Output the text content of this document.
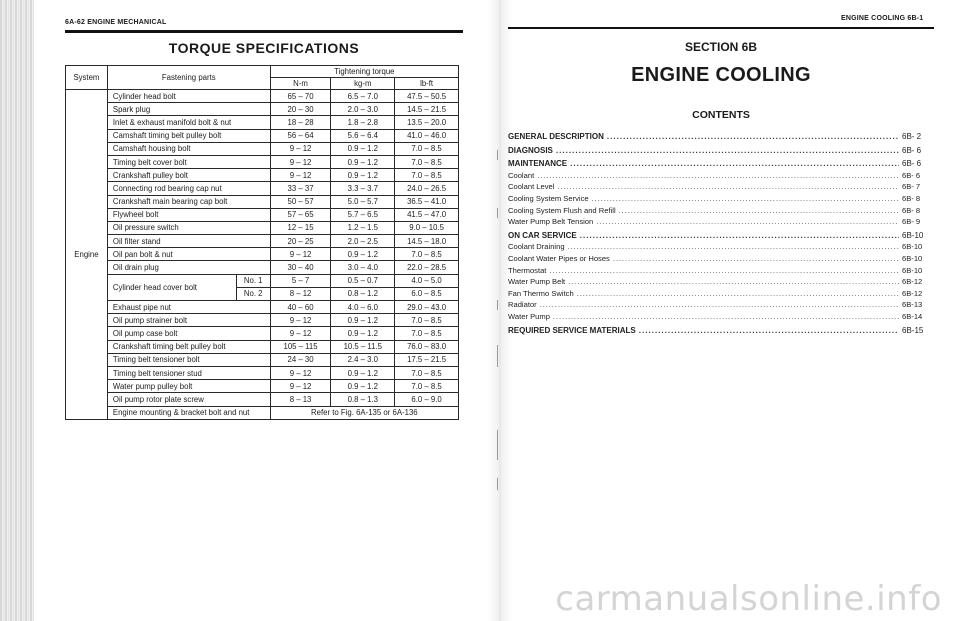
6A-62 ENGINE MECHANICAL
TORQUE SPECIFICATIONS
System	Fastening parts		Tightening torque		
			N-m	kg-m	lb-ft
Engine	Cylinder head bolt		65 – 70	6.5 – 7.0	47.5 – 50.5
	Spark plug		20 – 30	2.0 – 3.0	14.5 – 21.5
	Inlet & exhaust manifold bolt & nut		18 – 28	1.8 – 2.8	13.5 – 20.0
	Camshaft timing belt pulley bolt		56 – 64	5.6 – 6.4	41.0 – 46.0
	Camshaft housing bolt		9 – 12	0.9 – 1.2	7.0 – 8.5
	Timing belt cover bolt		9 – 12	0.9 – 1.2	7.0 – 8.5
	Crankshaft pulley bolt		9 – 12	0.9 – 1.2	7.0 – 8.5
	Connecting rod bearing cap nut		33 – 37	3.3 – 3.7	24.0 – 26.5
	Crankshaft main bearing cap bolt		50 – 57	5.0 – 5.7	36.5 – 41.0
	Flywheel bolt		57 – 65	5.7 – 6.5	41.5 – 47.0
	Oil pressure switch		12 – 15	1.2 – 1.5	9.0 – 10.5
	Oil filter stand		20 – 25	2.0 – 2.5	14.5 – 18.0
	Oil pan bolt & nut		9 – 12	0.9 – 1.2	7.0 – 8.5
	Oil drain plug		30 – 40	3.0 – 4.0	22.0 – 28.5
	Cylinder head cover bolt	No. 1	5 – 7	0.5 – 0.7	4.0 – 5.0
		No. 2	8 – 12	0.8 – 1.2	6.0 – 8.5
	Exhaust pipe nut		40 – 60	4.0 – 6.0	29.0 – 43.0
	Oil pump strainer bolt		9 – 12	0.9 – 1.2	7.0 – 8.5
	Oil pump case bolt		9 – 12	0.9 – 1.2	7.0 – 8.5
	Crankshaft timing belt pulley bolt		105 – 115	10.5 – 11.5	76.0 – 83.0
	Timing belt tensioner bolt		24 – 30	2.4 – 3.0	17.5 – 21.5
	Timing belt tensioner stud		9 – 12	0.9 – 1.2	7.0 – 8.5
	Water pump pulley bolt		9 – 12	0.9 – 1.2	7.0 – 8.5
	Oil pump rotor plate screw		8 – 13	0.8 – 1.3	6.0 – 9.0
	Engine mounting & bracket bolt and nut		Refer to Fig. 6A-135 or 6A-136		
ENGINE COOLING 6B-1
SECTION 6B
ENGINE COOLING
CONTENTS
GENERAL DESCRIPTION . . .	6B- 2
DIAGNOSIS . . .	6B- 6
MAINTENANCE . . .	6B- 6
Coolant . . .	6B- 6
Coolant Level . . .	6B- 7
Cooling System Service . . .	6B- 8
Cooling System Flush and Refill . . .	6B- 8
Water Pump Belt Tension . . .	6B- 9
ON CAR SERVICE . . .	6B-10
Coolant Draining . . .	6B-10
Coolant Water Pipes or Hoses . . .	6B-10
Thermostat . . .	6B-10
Water Pump Belt . . .	6B-12
Fan Thermo Switch . . .	6B-12
Radiator . . .	6B-13
Water Pump . . .	6B-14
REQUIRED SERVICE MATERIALS . . .	6B-15
carmanualsonline.info
